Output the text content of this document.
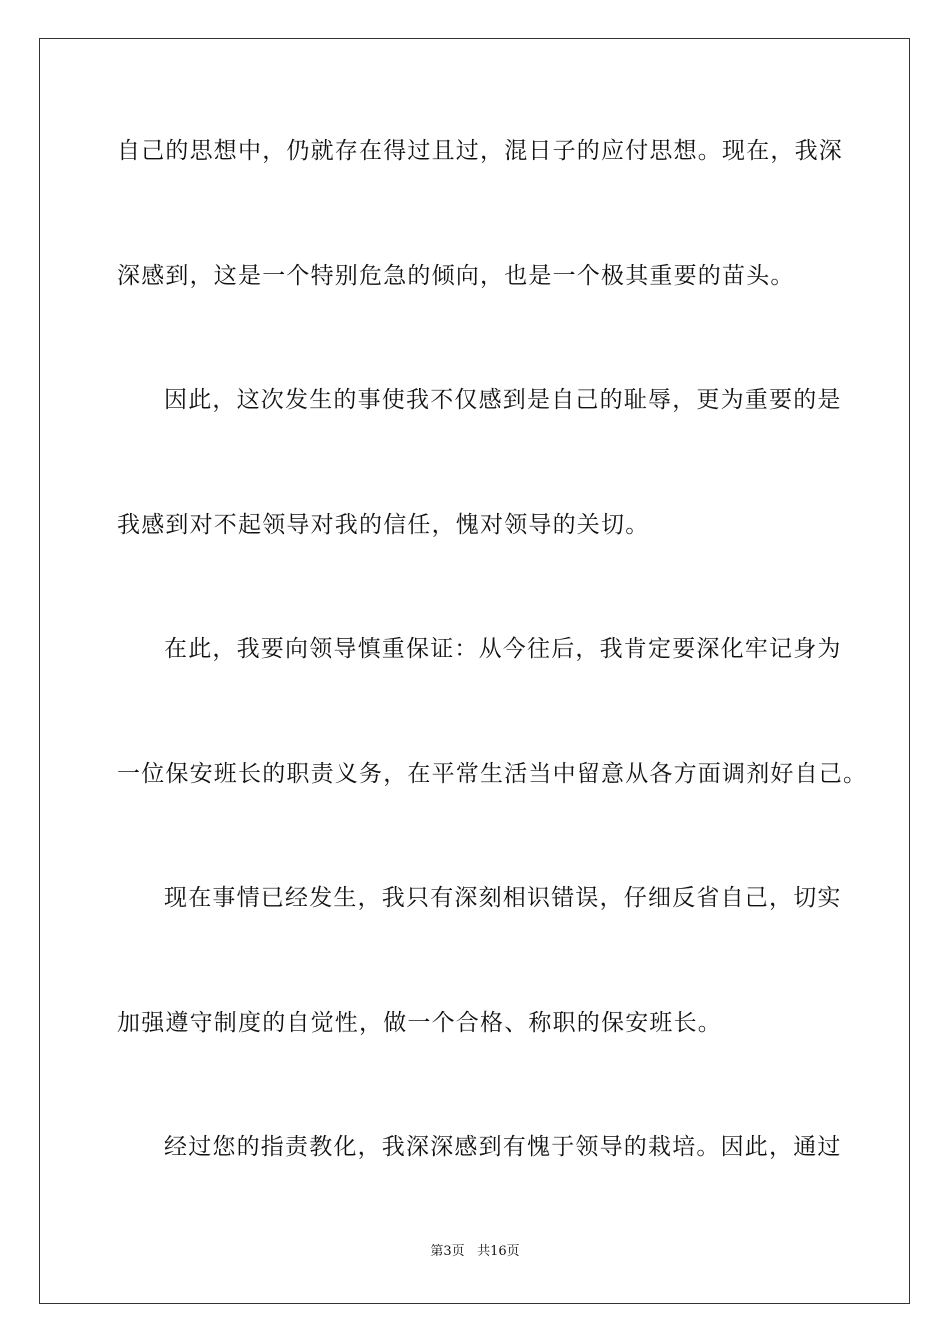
自己的思想中，仍就存在得过且过，混日子的应付思想。现在，我深
深感到，这是一个特别危急的倾向，也是一个极其重要的苗头。
因此，这次发生的事使我不仅感到是自己的耻辱，更为重要的是
我感到对不起领导对我的信任，愧对领导的关切。
在此，我要向领导慎重保证：从今往后，我肯定要深化牢记身为
一位保安班长的职责义务，在平常生活当中留意从各方面调剂好自己。
现在事情已经发生，我只有深刻相识错误，仔细反省自己，切实
加强遵守制度的自觉性，做一个合格、称职的保安班长。
经过您的指责教化，我深深感到有愧于领导的栽培。因此，通过
第3页 共16页
